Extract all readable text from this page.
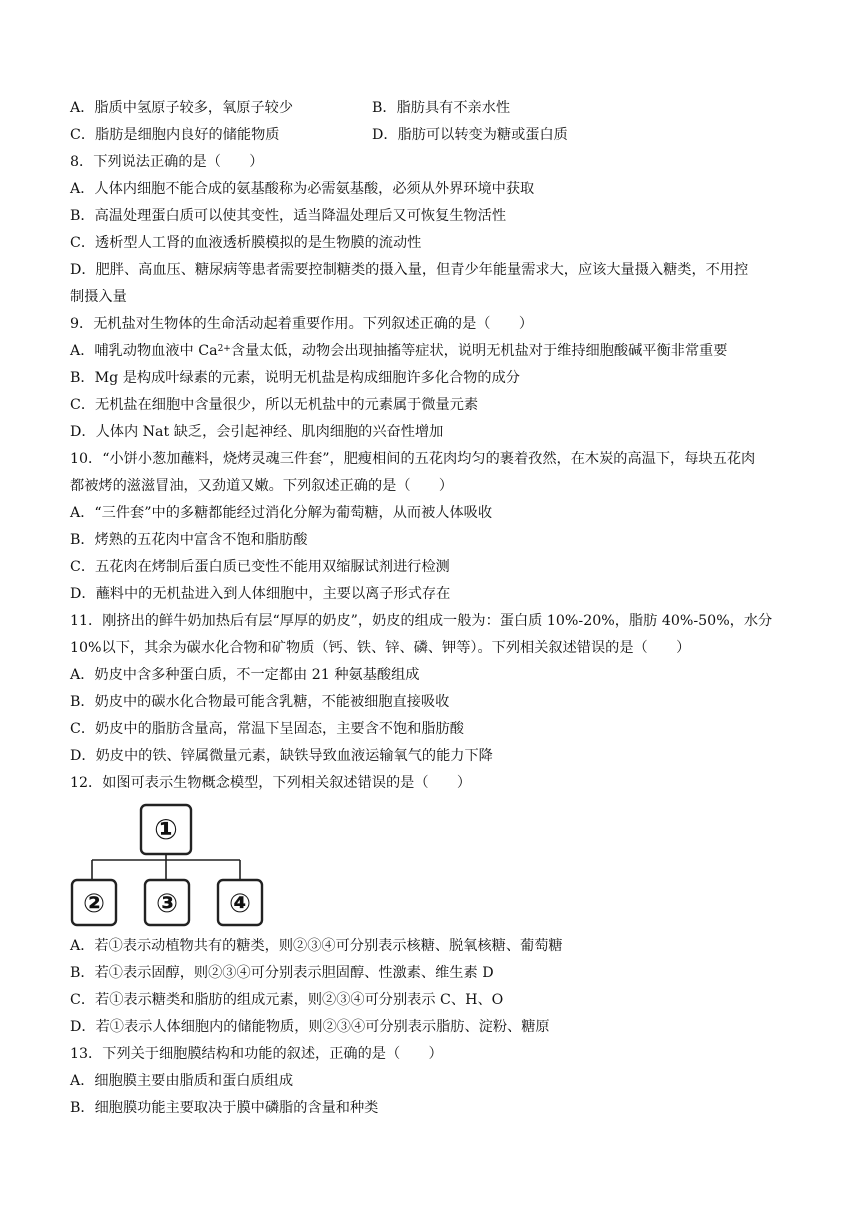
A．脂质中氢原子较多，氧原子较少	B．脂肪具有不亲水性
C．脂肪是细胞内良好的储能物质	D．脂肪可以转变为糖或蛋白质
8．下列说法正确的是（　　）
A．人体内细胞不能合成的氨基酸称为必需氨基酸，必须从外界环境中获取
B．高温处理蛋白质可以使其变性，适当降温处理后又可恢复生物活性
C．透析型人工肾的血液透析膜模拟的是生物膜的流动性
D．肥胖、高血压、糖尿病等患者需要控制糖类的摄入量，但青少年能量需求大，应该大量摄入糖类，不用控
制摄入量
9．无机盐对生物体的生命活动起着重要作用。下列叙述正确的是（　　）
A．哺乳动物血液中 $Ca^{2+}$含量太低，动物会出现抽搐等症状，说明无机盐对于维持细胞酸碱平衡非常重要
B．Mg 是构成叶绿素的元素，说明无机盐是构成细胞许多化合物的成分
C．无机盐在细胞中含量很少，所以无机盐中的元素属于微量元素
D．人体内 Nat 缺乏，会引起神经、肌肉细胞的兴奋性增加
10．“小饼小葱加蘸料，烧烤灵魂三件套”，肥瘦相间的五花肉均匀的裹着孜然，在木炭的高温下，每块五花肉
都被烤的滋滋冒油，又劲道又嫩。下列叙述正确的是（　　）
A．“三件套”中的多糖都能经过消化分解为葡萄糖，从而被人体吸收
B．烤熟的五花肉中富含不饱和脂肪酸
C．五花肉在烤制后蛋白质已变性不能用双缩脲试剂进行检测
D．蘸料中的无机盐进入到人体细胞中，主要以离子形式存在
11．刚挤出的鲜牛奶加热后有层“厚厚的奶皮”，奶皮的组成一般为：蛋白质 10%-20%，脂肪 40%-50%，水分
10%以下，其余为碳水化合物和矿物质（钙、铁、锌、磷、钾等）。下列相关叙述错误的是（　　）
A．奶皮中含多种蛋白质，不一定都由 21 种氨基酸组成
B．奶皮中的碳水化合物最可能含乳糖，不能被细胞直接吸收
C．奶皮中的脂肪含量高，常温下呈固态，主要含不饱和脂肪酸
D．奶皮中的铁、锌属微量元素，缺铁导致血液运输氧气的能力下降
12．如图可表示生物概念模型，下列相关叙述错误的是（　　）
①
② ③ ④
A．若①表示动植物共有的糖类，则②③④可分别表示核糖、脱氧核糖、葡萄糖
B．若①表示固醇，则②③④可分别表示胆固醇、性激素、维生素 D
C．若①表示糖类和脂肪的组成元素，则②③④可分别表示 C、H、O
D．若①表示人体细胞内的储能物质，则②③④可分别表示脂肪、淀粉、糖原
13．下列关于细胞膜结构和功能的叙述，正确的是（　　）
A．细胞膜主要由脂质和蛋白质组成
B．细胞膜功能主要取决于膜中磷脂的含量和种类
